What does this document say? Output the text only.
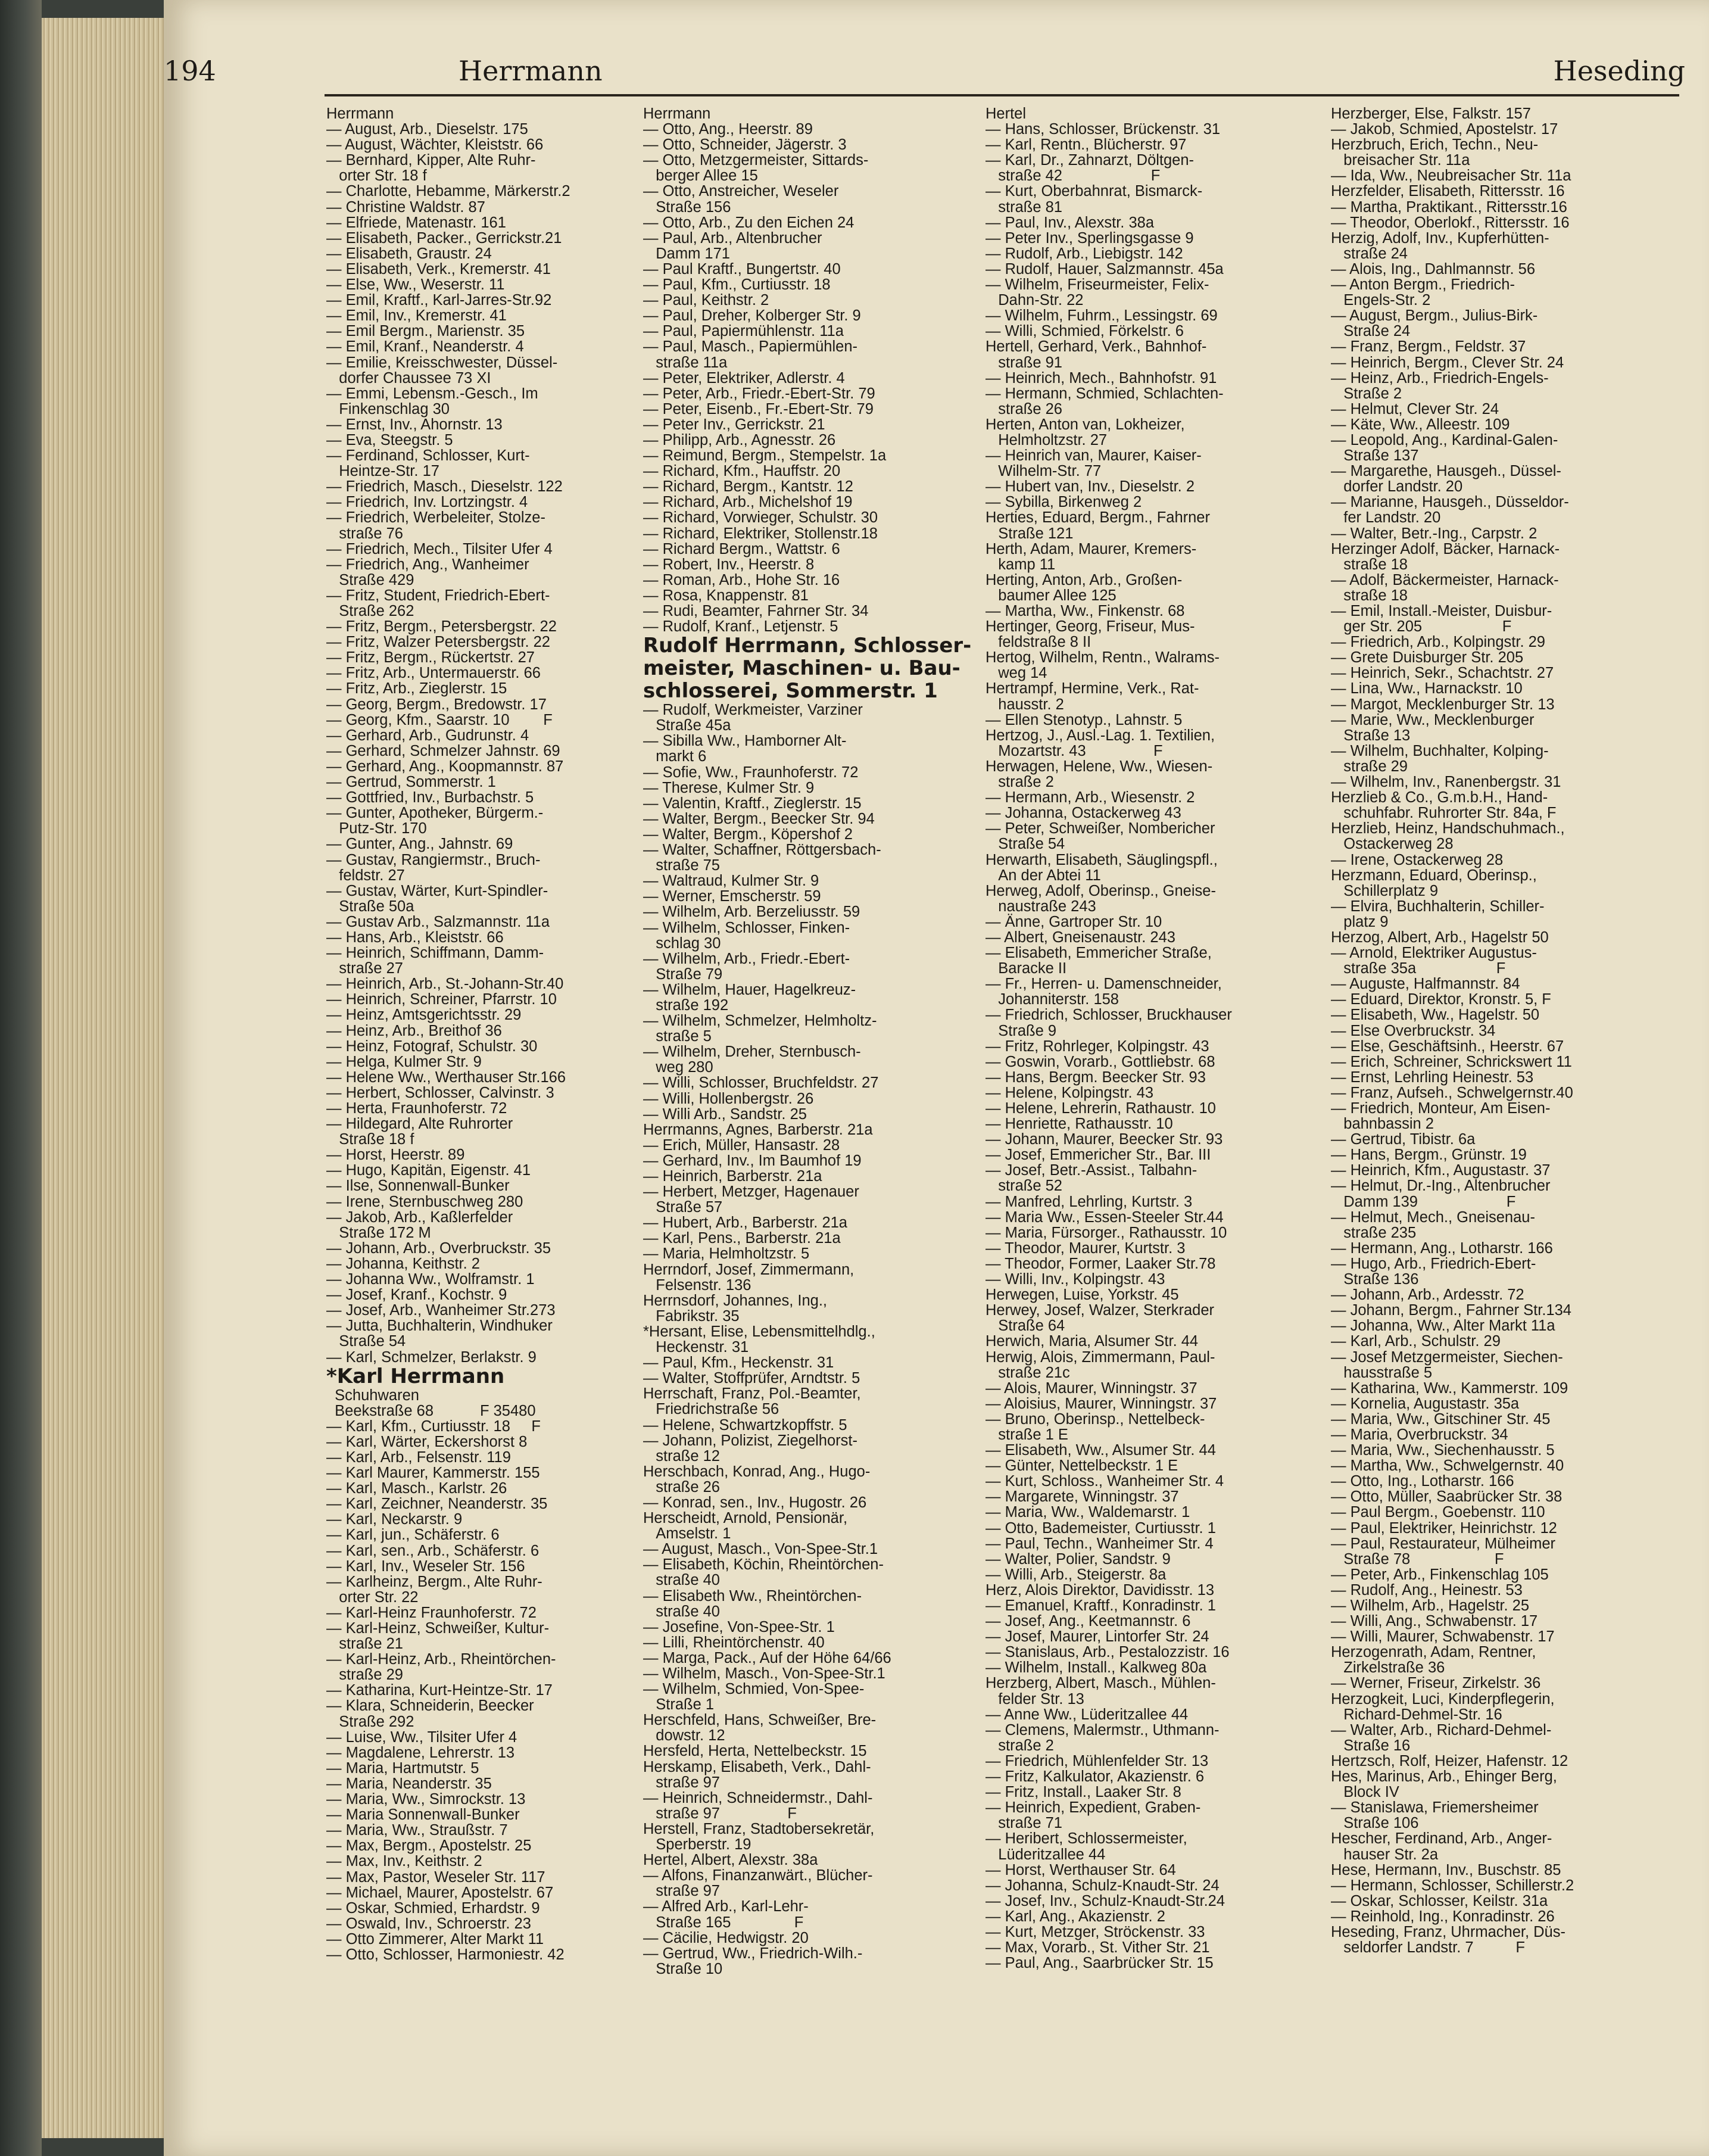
194	Herrmann	Heseding
Herrmann
— August, Arb., Dieselstr. 175
— August, Wächter, Kleiststr. 66
— Bernhard, Kipper, Alte Ruhr-
orter Str. 18 f
— Charlotte, Hebamme, Märkerstr.2
— Christine Waldstr. 87
— Elfriede, Matenastr. 161
— Elisabeth, Packer., Gerrickstr.21
— Elisabeth, Graustr. 24
— Elisabeth, Verk., Kremerstr. 41
— Else, Ww., Weserstr. 11
— Emil, Kraftf., Karl-Jarres-Str.92
— Emil, Inv., Kremerstr. 41
— Emil Bergm., Marienstr. 35
— Emil, Kranf., Neanderstr. 4
— Emilie, Kreisschwester, Düssel-
dorfer Chaussee 73 XI
— Emmi, Lebensm.-Gesch., Im
Finkenschlag 30
— Ernst, Inv., Ahornstr. 13
— Eva, Steegstr. 5
— Ferdinand, Schlosser, Kurt-
Heintze-Str. 17
— Friedrich, Masch., Dieselstr. 122
— Friedrich, Inv. Lortzingstr. 4
— Friedrich, Werbeleiter, Stolze-
straße 76
— Friedrich, Mech., Tilsiter Ufer 4
— Friedrich, Ang., Wanheimer
Straße 429
— Fritz, Student, Friedrich-Ebert-
Straße 262
— Fritz, Bergm., Petersbergstr. 22
— Fritz, Walzer Petersbergstr. 22
— Fritz, Bergm., Rückertstr. 27
— Fritz, Arb., Untermauerstr. 66
— Fritz, Arb., Zieglerstr. 15
— Georg, Bergm., Bredowstr. 17
— Georg, Kfm., Saarstr. 10        F
— Gerhard, Arb., Gudrunstr. 4
— Gerhard, Schmelzer Jahnstr. 69
— Gerhard, Ang., Koopmannstr. 87
— Gertrud, Sommerstr. 1
— Gottfried, Inv., Burbachstr. 5
— Gunter, Apotheker, Bürgerm.-
Putz-Str. 170
— Gunter, Ang., Jahnstr. 69
— Gustav, Rangiermstr., Bruch-
feldstr. 27
— Gustav, Wärter, Kurt-Spindler-
Straße 50a
— Gustav Arb., Salzmannstr. 11a
— Hans, Arb., Kleiststr. 66
— Heinrich, Schiffmann, Damm-
straße 27
— Heinrich, Arb., St.-Johann-Str.40
— Heinrich, Schreiner, Pfarrstr. 10
— Heinz, Amtsgerichtsstr. 29
— Heinz, Arb., Breithof 36
— Heinz, Fotograf, Schulstr. 30
— Helga, Kulmer Str. 9
— Helene Ww., Werthauser Str.166
— Herbert, Schlosser, Calvinstr. 3
— Herta, Fraunhoferstr. 72
— Hildegard, Alte Ruhrorter
Straße 18 f
— Horst, Heerstr. 89
— Hugo, Kapitän, Eigenstr. 41
— Ilse, Sonnenwall-Bunker
— Irene, Sternbuschweg 280
— Jakob, Arb., Kaßlerfelder
Straße 172 M
— Johann, Arb., Overbruckstr. 35
— Johanna, Keithstr. 2
— Johanna Ww., Wolframstr. 1
— Josef, Kranf., Kochstr. 9
— Josef, Arb., Wanheimer Str.273
— Jutta, Buchhalterin, Windhuker
Straße 54
— Karl, Schmelzer, Berlakstr. 9
*Karl Herrmann
Schuhwaren
Beekstraße 68           F 35480
— Karl, Kfm., Curtiusstr. 18     F
— Karl, Wärter, Eckershorst 8
— Karl, Arb., Felsenstr. 119
— Karl Maurer, Kammerstr. 155
— Karl, Masch., Karlstr. 26
— Karl, Zeichner, Neanderstr. 35
— Karl, Neckarstr. 9
— Karl, jun., Schäferstr. 6
— Karl, sen., Arb., Schäferstr. 6
— Karl, Inv., Weseler Str. 156
— Karlheinz, Bergm., Alte Ruhr-
orter Str. 22
— Karl-Heinz Fraunhoferstr. 72
— Karl-Heinz, Schweißer, Kultur-
straße 21
— Karl-Heinz, Arb., Rheintörchen-
straße 29
— Katharina, Kurt-Heintze-Str. 17
— Klara, Schneiderin, Beecker
Straße 292
— Luise, Ww., Tilsiter Ufer 4
— Magdalene, Lehrerstr. 13
— Maria, Hartmutstr. 5
— Maria, Neanderstr. 35
— Maria, Ww., Simrockstr. 13
— Maria Sonnenwall-Bunker
— Maria, Ww., Straußstr. 7
— Max, Bergm., Apostelstr. 25
— Max, Inv., Keithstr. 2
— Max, Pastor, Weseler Str. 117
— Michael, Maurer, Apostelstr. 67
— Oskar, Schmied, Erhardstr. 9
— Oswald, Inv., Schroerstr. 23
— Otto Zimmerer, Alter Markt 11
— Otto, Schlosser, Harmoniestr. 42
Herrmann
— Otto, Ang., Heerstr. 89
— Otto, Schneider, Jägerstr. 3
— Otto, Metzgermeister, Sittards-
berger Allee 15
— Otto, Anstreicher, Weseler
Straße 156
— Otto, Arb., Zu den Eichen 24
— Paul, Arb., Altenbrucher
Damm 171
— Paul Kraftf., Bungertstr. 40
— Paul, Kfm., Curtiusstr. 18
— Paul, Keithstr. 2
— Paul, Dreher, Kolberger Str. 9
— Paul, Papiermühlenstr. 11a
— Paul, Masch., Papiermühlen-
straße 11a
— Peter, Elektriker, Adlerstr. 4
— Peter, Arb., Friedr.-Ebert-Str. 79
— Peter, Eisenb., Fr.-Ebert-Str. 79
— Peter Inv., Gerrickstr. 21
— Philipp, Arb., Agnesstr. 26
— Reimund, Bergm., Stempelstr. 1a
— Richard, Kfm., Hauffstr. 20
— Richard, Bergm., Kantstr. 12
— Richard, Arb., Michelshof 19
— Richard, Vorwieger, Schulstr. 30
— Richard, Elektriker, Stollenstr.18
— Richard Bergm., Wattstr. 6
— Robert, Inv., Heerstr. 8
— Roman, Arb., Hohe Str. 16
— Rosa, Knappenstr. 81
— Rudi, Beamter, Fahrner Str. 34
— Rudolf, Kranf., Letjenstr. 5
Rudolf Herrmann, Schlosser-
meister, Maschinen- u. Bau-
schlosserei, Sommerstr. 1
— Rudolf, Werkmeister, Varziner
Straße 45a
— Sibilla Ww., Hamborner Alt-
markt 6
— Sofie, Ww., Fraunhoferstr. 72
— Therese, Kulmer Str. 9
— Valentin, Kraftf., Zieglerstr. 15
— Walter, Bergm., Beecker Str. 94
— Walter, Bergm., Köpershof 2
— Walter, Schaffner, Röttgersbach-
straße 75
— Waltraud, Kulmer Str. 9
— Werner, Emscherstr. 59
— Wilhelm, Arb. Berzeliusstr. 59
— Wilhelm, Schlosser, Finken-
schlag 30
— Wilhelm, Arb., Friedr.-Ebert-
Straße 79
— Wilhelm, Hauer, Hagelkreuz-
straße 192
— Wilhelm, Schmelzer, Helmholtz-
straße 5
— Wilhelm, Dreher, Sternbusch-
weg 280
— Willi, Schlosser, Bruchfeldstr. 27
— Willi, Hollenbergstr. 26
— Willi Arb., Sandstr. 25
Herrmanns, Agnes, Barberstr. 21a
— Erich, Müller, Hansastr. 28
— Gerhard, Inv., Im Baumhof 19
— Heinrich, Barberstr. 21a
— Herbert, Metzger, Hagenauer
Straße 57
— Hubert, Arb., Barberstr. 21a
— Karl, Pens., Barberstr. 21a
— Maria, Helmholtzstr. 5
Herrndorf, Josef, Zimmermann,
Felsenstr. 136
Herrnsdorf, Johannes, Ing.,
Fabrikstr. 35
*Hersant, Elise, Lebensmittelhdlg.,
Heckenstr. 31
— Paul, Kfm., Heckenstr. 31
— Walter, Stoffprüfer, Arndtstr. 5
Herrschaft, Franz, Pol.-Beamter,
Friedrichstraße 56
— Helene, Schwartzkopffstr. 5
— Johann, Polizist, Ziegelhorst-
straße 12
Herschbach, Konrad, Ang., Hugo-
straße 26
— Konrad, sen., Inv., Hugostr. 26
Herscheidt, Arnold, Pensionär,
Amselstr. 1
— August, Masch., Von-Spee-Str.1
— Elisabeth, Köchin, Rheintörchen-
straße 40
— Elisabeth Ww., Rheintörchen-
straße 40
— Josefine, Von-Spee-Str. 1
— Lilli, Rheintörchenstr. 40
— Marga, Pack., Auf der Höhe 64/66
— Wilhelm, Masch., Von-Spee-Str.1
— Wilhelm, Schmied, Von-Spee-
Straße 1
Herschfeld, Hans, Schweißer, Bre-
dowstr. 12
Hersfeld, Herta, Nettelbeckstr. 15
Herskamp, Elisabeth, Verk., Dahl-
straße 97
— Heinrich, Schneidermstr., Dahl-
straße 97                F
Herstell, Franz, Stadtobersekretär,
Sperberstr. 19
Hertel, Albert, Alexstr. 38a
— Alfons, Finanzanwärt., Blücher-
straße 97
— Alfred Arb., Karl-Lehr-
Straße 165               F
— Cäcilie, Hedwigstr. 20
— Gertrud, Ww., Friedrich-Wilh.-
Straße 10
Hertel
— Hans, Schlosser, Brückenstr. 31
— Karl, Rentn., Blücherstr. 97
— Karl, Dr., Zahnarzt, Döltgen-
straße 42                     F
— Kurt, Oberbahnrat, Bismarck-
straße 81
— Paul, Inv., Alexstr. 38a
— Peter Inv., Sperlingsgasse 9
— Rudolf, Arb., Liebigstr. 142
— Rudolf, Hauer, Salzmannstr. 45a
— Wilhelm, Friseurmeister, Felix-
Dahn-Str. 22
— Wilhelm, Fuhrm., Lessingstr. 69
— Willi, Schmied, Förkelstr. 6
Hertell, Gerhard, Verk., Bahnhof-
straße 91
— Heinrich, Mech., Bahnhofstr. 91
— Hermann, Schmied, Schlachten-
straße 26
Herten, Anton van, Lokheizer,
Helmholtzstr. 27
— Heinrich van, Maurer, Kaiser-
Wilhelm-Str. 77
— Hubert van, Inv., Dieselstr. 2
— Sybilla, Birkenweg 2
Herties, Eduard, Bergm., Fahrner
Straße 121
Herth, Adam, Maurer, Kremers-
kamp 11
Herting, Anton, Arb., Großen-
baumer Allee 125
— Martha, Ww., Finkenstr. 68
Hertinger, Georg, Friseur, Mus-
feldstraße 8 II
Hertog, Wilhelm, Rentn., Walrams-
weg 14
Hertrampf, Hermine, Verk., Rat-
hausstr. 2
— Ellen Stenotyp., Lahnstr. 5
Hertzog, J., Ausl.-Lag. 1. Textilien,
Mozartstr. 43                F
Herwagen, Helene, Ww., Wiesen-
straße 2
— Hermann, Arb., Wiesenstr. 2
— Johanna, Ostackerweg 43
— Peter, Schweißer, Nombericher
Straße 54
Herwarth, Elisabeth, Säuglingspfl.,
An der Abtei 11
Herweg, Adolf, Oberinsp., Gneise-
naustraße 243
— Änne, Gartroper Str. 10
— Albert, Gneisenaustr. 243
— Elisabeth, Emmericher Straße,
Baracke II
— Fr., Herren- u. Damenschneider,
Johanniterstr. 158
— Friedrich, Schlosser, Bruckhauser
Straße 9
— Fritz, Rohrleger, Kolpingstr. 43
— Goswin, Vorarb., Gottliebstr. 68
— Hans, Bergm. Beecker Str. 93
— Helene, Kolpingstr. 43
— Helene, Lehrerin, Rathaustr. 10
— Henriette, Rathausstr. 10
— Johann, Maurer, Beecker Str. 93
— Josef, Emmericher Str., Bar. III
— Josef, Betr.-Assist., Talbahn-
straße 52
— Manfred, Lehrling, Kurtstr. 3
— Maria Ww., Essen-Steeler Str.44
— Maria, Fürsorger., Rathausstr. 10
— Theodor, Maurer, Kurtstr. 3
— Theodor, Former, Laaker Str.78
— Willi, Inv., Kolpingstr. 43
Herwegen, Luise, Yorkstr. 45
Herwey, Josef, Walzer, Sterkrader
Straße 64
Herwich, Maria, Alsumer Str. 44
Herwig, Alois, Zimmermann, Paul-
straße 21c
— Alois, Maurer, Winningstr. 37
— Aloisius, Maurer, Winningstr. 37
— Bruno, Oberinsp., Nettelbeck-
straße 1 E
— Elisabeth, Ww., Alsumer Str. 44
— Günter, Nettelbeckstr. 1 E
— Kurt, Schloss., Wanheimer Str. 4
— Margarete, Winningstr. 37
— Maria, Ww., Waldemarstr. 1
— Otto, Bademeister, Curtiusstr. 1
— Paul, Techn., Wanheimer Str. 4
— Walter, Polier, Sandstr. 9
— Willi, Arb., Steigerstr. 8a
Herz, Alois Direktor, Davidisstr. 13
— Emanuel, Kraftf., Konradinstr. 1
— Josef, Ang., Keetmannstr. 6
— Josef, Maurer, Lintorfer Str. 24
— Stanislaus, Arb., Pestalozzistr. 16
— Wilhelm, Install., Kalkweg 80a
Herzberg, Albert, Masch., Mühlen-
felder Str. 13
— Anne Ww., Lüderitzallee 44
— Clemens, Malermstr., Uthmann-
straße 2
— Friedrich, Mühlenfelder Str. 13
— Fritz, Kalkulator, Akazienstr. 6
— Fritz, Install., Laaker Str. 8
— Heinrich, Expedient, Graben-
straße 71
— Heribert, Schlossermeister,
Lüderitzallee 44
— Horst, Werthauser Str. 64
— Johanna, Schulz-Knaudt-Str. 24
— Josef, Inv., Schulz-Knaudt-Str.24
— Karl, Ang., Akazienstr. 2
— Kurt, Metzger, Ströckenstr. 33
— Max, Vorarb., St. Vither Str. 21
— Paul, Ang., Saarbrücker Str. 15
Herzberger, Else, Falkstr. 157
— Jakob, Schmied, Apostelstr. 17
Herzbruch, Erich, Techn., Neu-
breisacher Str. 11a
— Ida, Ww., Neubreisacher Str. 11a
Herzfelder, Elisabeth, Rittersstr. 16
— Martha, Praktikant., Rittersstr.16
— Theodor, Oberlokf., Rittersstr. 16
Herzig, Adolf, Inv., Kupferhütten-
straße 24
— Alois, Ing., Dahlmannstr. 56
— Anton Bergm., Friedrich-
Engels-Str. 2
— August, Bergm., Julius-Birk-
Straße 24
— Franz, Bergm., Feldstr. 37
— Heinrich, Bergm., Clever Str. 24
— Heinz, Arb., Friedrich-Engels-
Straße 2
— Helmut, Clever Str. 24
— Käte, Ww., Alleestr. 109
— Leopold, Ang., Kardinal-Galen-
Straße 137
— Margarethe, Hausgeh., Düssel-
dorfer Landstr. 20
— Marianne, Hausgeh., Düsseldor-
fer Landstr. 20
— Walter, Betr.-Ing., Carpstr. 2
Herzinger Adolf, Bäcker, Harnack-
straße 18
— Adolf, Bäckermeister, Harnack-
straße 18
— Emil, Install.-Meister, Duisbur-
ger Str. 205                   F
— Friedrich, Arb., Kolpingstr. 29
— Grete Duisburger Str. 205
— Heinrich, Sekr., Schachtstr. 27
— Lina, Ww., Harnackstr. 10
— Margot, Mecklenburger Str. 13
— Marie, Ww., Mecklenburger
Straße 13
— Wilhelm, Buchhalter, Kolping-
straße 29
— Wilhelm, Inv., Ranenbergstr. 31
Herzlieb & Co., G.m.b.H., Hand-
schuhfabr. Ruhrorter Str. 84a, F
Herzlieb, Heinz, Handschuhmach.,
Ostackerweg 28
— Irene, Ostackerweg 28
Herzmann, Eduard, Oberinsp.,
Schillerplatz 9
— Elvira, Buchhalterin, Schiller-
platz 9
Herzog, Albert, Arb., Hagelstr 50
— Arnold, Elektriker Augustus-
straße 35a                   F
— Auguste, Halfmannstr. 84
— Eduard, Direktor, Kronstr. 5, F
— Elisabeth, Ww., Hagelstr. 50
— Else Overbruckstr. 34
— Else, Geschäftsinh., Heerstr. 67
— Erich, Schreiner, Schrickswert 11
— Ernst, Lehrling Heinestr. 53
— Franz, Aufseh., Schwelgernstr.40
— Friedrich, Monteur, Am Eisen-
bahnbassin 2
— Gertrud, Tibistr. 6a
— Hans, Bergm., Grünstr. 19
— Heinrich, Kfm., Augustastr. 37
— Helmut, Dr.-Ing., Altenbrucher
Damm 139                     F
— Helmut, Mech., Gneisenau-
straße 235
— Hermann, Ang., Lotharstr. 166
— Hugo, Arb., Friedrich-Ebert-
Straße 136
— Johann, Arb., Ardesstr. 72
— Johann, Bergm., Fahrner Str.134
— Johanna, Ww., Alter Markt 11a
— Karl, Arb., Schulstr. 29
— Josef Metzgermeister, Siechen-
hausstraße 5
— Katharina, Ww., Kammerstr. 109
— Kornelia, Augustastr. 35a
— Maria, Ww., Gitschiner Str. 45
— Maria, Overbruckstr. 34
— Maria, Ww., Siechenhausstr. 5
— Martha, Ww., Schwelgernstr. 40
— Otto, Ing., Lotharstr. 166
— Otto, Müller, Saabrücker Str. 38
— Paul Bergm., Goebenstr. 110
— Paul, Elektriker, Heinrichstr. 12
— Paul, Restaurateur, Mülheimer
Straße 78                    F
— Peter, Arb., Finkenschlag 105
— Rudolf, Ang., Heinestr. 53
— Wilhelm, Arb., Hagelstr. 25
— Willi, Ang., Schwabenstr. 17
— Willi, Maurer, Schwabenstr. 17
Herzogenrath, Adam, Rentner,
Zirkelstraße 36
— Werner, Friseur, Zirkelstr. 36
Herzogkeit, Luci, Kinderpflegerin,
Richard-Dehmel-Str. 16
— Walter, Arb., Richard-Dehmel-
Straße 16
Hertzsch, Rolf, Heizer, Hafenstr. 12
Hes, Marinus, Arb., Ehinger Berg,
Block IV
— Stanislawa, Friemersheimer
Straße 106
Hescher, Ferdinand, Arb., Anger-
hauser Str. 2a
Hese, Hermann, Inv., Buschstr. 85
— Hermann, Schlosser, Schillerstr.2
— Oskar, Schlosser, Keilstr. 31a
— Reinhold, Ing., Konradinstr. 26
Heseding, Franz, Uhrmacher, Düs-
seldorfer Landstr. 7          F
